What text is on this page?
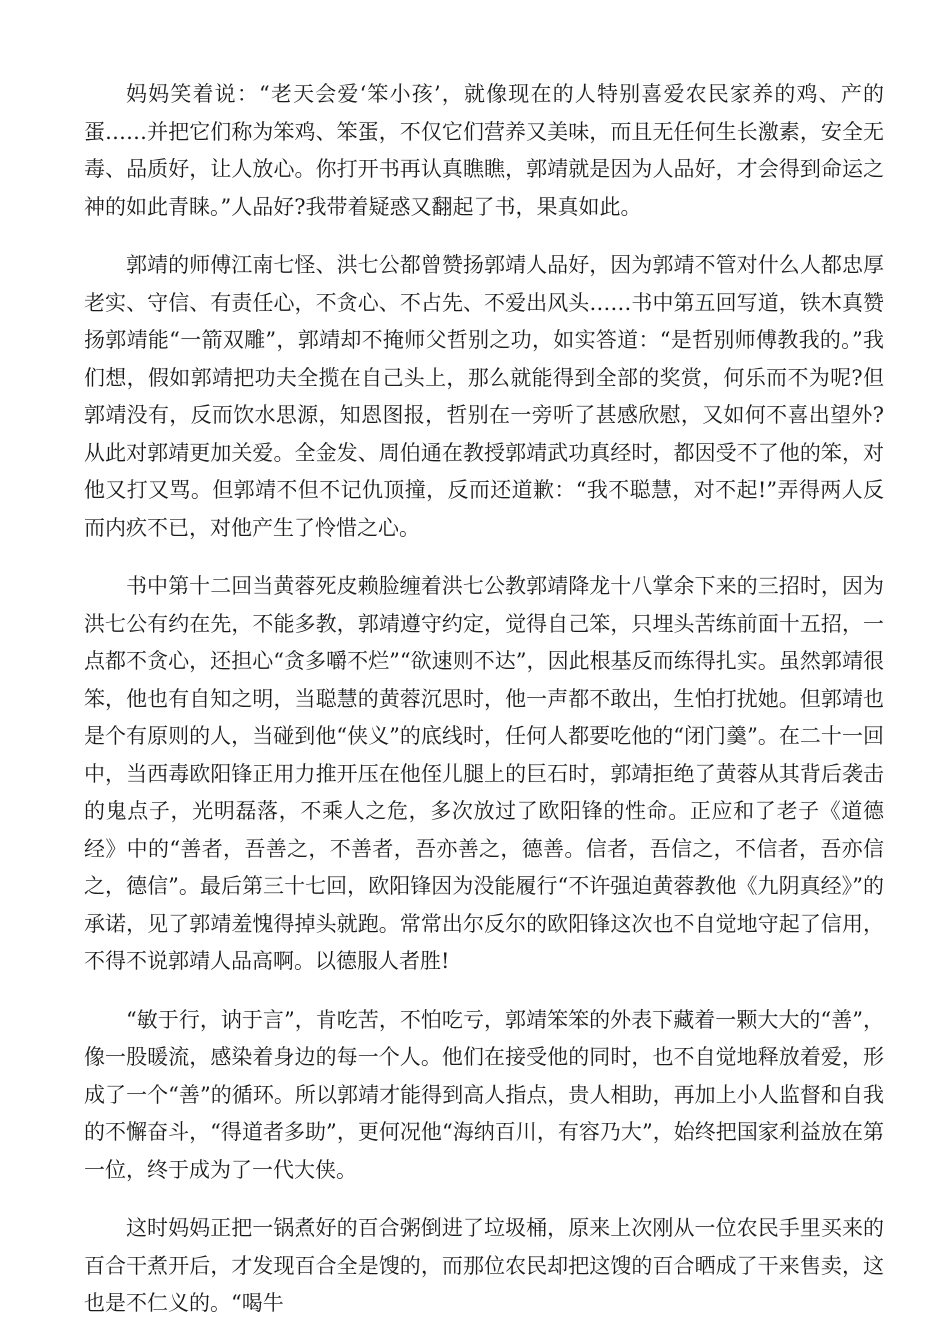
妈妈笑着说：“老天会爱‘笨小孩’，就像现在的人特别喜爱农民家养的鸡、产的蛋……并把它们称为笨鸡、笨蛋，不仅它们营养又美味，而且无任何生长激素，安全无毒、品质好，让人放心。你打开书再认真瞧瞧，郭靖就是因为人品好，才会得到命运之神的如此青睐。”人品好?我带着疑惑又翻起了书，果真如此。

郭靖的师傅江南七怪、洪七公都曾赞扬郭靖人品好，因为郭靖不管对什么人都忠厚老实、守信、有责任心，不贪心、不占先、不爱出风头……书中第五回写道，铁木真赞扬郭靖能“一箭双雕”，郭靖却不掩师父哲别之功，如实答道：“是哲别师傅教我的。”我们想，假如郭靖把功夫全揽在自己头上，那么就能得到全部的奖赏，何乐而不为呢?但郭靖没有，反而饮水思源，知恩图报，哲别在一旁听了甚感欣慰，又如何不喜出望外?从此对郭靖更加关爱。全金发、周伯通在教授郭靖武功真经时，都因受不了他的笨，对他又打又骂。但郭靖不但不记仇顶撞，反而还道歉：“我不聪慧，对不起!”弄得两人反而内疚不已，对他产生了怜惜之心。

书中第十二回当黄蓉死皮赖脸缠着洪七公教郭靖降龙十八掌余下来的三招时，因为洪七公有约在先，不能多教，郭靖遵守约定，觉得自己笨，只埋头苦练前面十五招，一点都不贪心，还担心“贪多嚼不烂”“欲速则不达”，因此根基反而练得扎实。虽然郭靖很笨，他也有自知之明，当聪慧的黄蓉沉思时，他一声都不敢出，生怕打扰她。但郭靖也是个有原则的人，当碰到他“侠义”的底线时，任何人都要吃他的“闭门羹”。在二十一回中，当西毒欧阳锋正用力推开压在他侄儿腿上的巨石时，郭靖拒绝了黄蓉从其背后袭击的鬼点子，光明磊落，不乘人之危，多次放过了欧阳锋的性命。正应和了老子《道德经》中的“善者，吾善之，不善者，吾亦善之，德善。信者，吾信之，不信者，吾亦信之，德信”。最后第三十七回，欧阳锋因为没能履行“不许强迫黄蓉教他《九阴真经》”的承诺，见了郭靖羞愧得掉头就跑。常常出尔反尔的欧阳锋这次也不自觉地守起了信用，不得不说郭靖人品高啊。以德服人者胜!

“敏于行，讷于言”，肯吃苦，不怕吃亏，郭靖笨笨的外表下藏着一颗大大的“善”，像一股暖流，感染着身边的每一个人。他们在接受他的同时，也不自觉地释放着爱，形成了一个“善”的循环。所以郭靖才能得到高人指点，贵人相助，再加上小人监督和自我的不懈奋斗，“得道者多助”，更何况他“海纳百川，有容乃大”，始终把国家利益放在第一位，终于成为了一代大侠。

这时妈妈正把一锅煮好的百合粥倒进了垃圾桶，原来上次刚从一位农民手里买来的百合干煮开后，才发现百合全是馊的，而那位农民却把这馊的百合晒成了干来售卖，这也是不仁义的。“喝牛
